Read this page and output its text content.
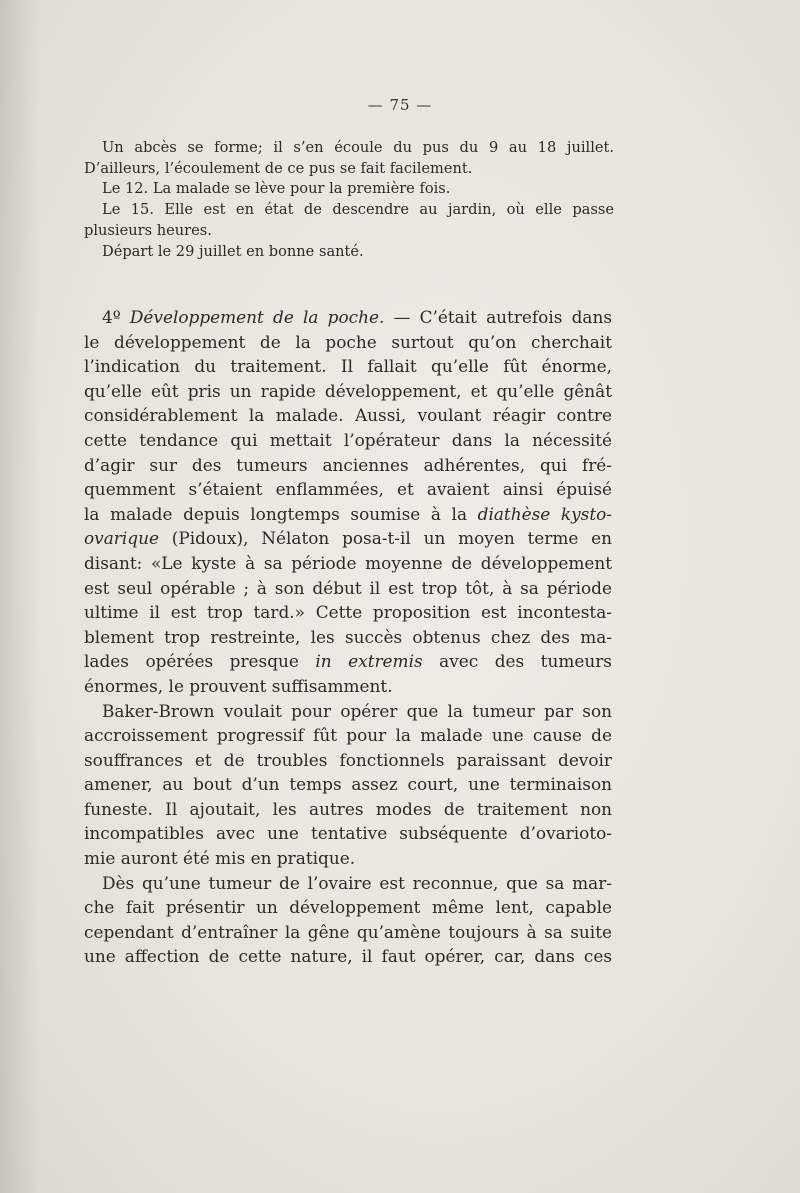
— 75 —

Un abcès se forme; il s’en écoule du pus du 9 au 18 juillet. D’ailleurs, l’écoulement de ce pus se fait facilement.

Le 12. La malade se lève pour la première fois.

Le 15. Elle est en état de descendre au jardin, où elle passe plusieurs heures.

Départ le 29 juillet en bonne santé.

4º Développement de la poche. — C’était autrefois dans
le développement de la poche surtout qu’on cherchait
l’indication du traitement. Il fallait qu’elle fût énorme,
qu’elle eût pris un rapide développement, et qu’elle gênât
considérablement la malade. Aussi, voulant réagir contre
cette tendance qui mettait l’opérateur dans la nécessité
d’agir sur des tumeurs anciennes adhérentes, qui fré-
quemment s’étaient enflammées, et avaient ainsi épuisé
la malade depuis longtemps soumise à la diathèse kysto-
ovarique (Pidoux), Nélaton posa-t-il un moyen terme en
disant: «Le kyste à sa période moyenne de développement
est seul opérable ; à son début il est trop tôt, à sa période
ultime il est trop tard.» Cette proposition est incontesta-
blement trop restreinte, les succès obtenus chez des ma-
lades opérées presque in extremis avec des tumeurs
énormes, le prouvent suffisamment.

Baker-Brown voulait pour opérer que la tumeur par son
accroissement progressif fût pour la malade une cause de
souffrances et de troubles fonctionnels paraissant devoir
amener, au bout d’un temps assez court, une terminaison
funeste. Il ajoutait, les autres modes de traitement non
incompatibles avec une tentative subséquente d’ovarioto-
mie auront été mis en pratique.

Dès qu’une tumeur de l’ovaire est reconnue, que sa mar-
che fait présentir un développement même lent, capable
cependant d’entraîner la gêne qu’amène toujours à sa suite
une affection de cette nature, il faut opérer, car, dans ces
